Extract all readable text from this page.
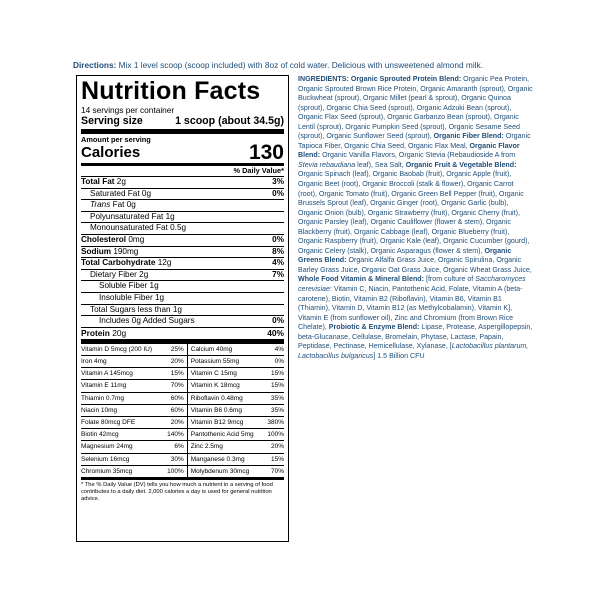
Directions: Mix 1 level scoop (scoop included) with 8oz of cold water. Delicious with unsweetened almond milk.
Nutrition Facts
14 servings per container
Serving size	1 scoop (about 34.5g)
Amount per serving
Calories	130
% Daily Value*
Total Fat 2g	3%
Saturated Fat 0g	0%
Trans Fat 0g
Polyunsaturated Fat 1g
Monounsaturated Fat 0.5g
Cholesterol 0mg	0%
Sodium 190mg	8%
Total Carbohydrate 12g	4%
Dietary Fiber 2g	7%
Soluble Fiber 1g
Insoluble Fiber 1g
Total Sugars less than 1g
Includes 0g Added Sugars	0%
Protein 20g	40%
Vitamin D 5mcg (200 IU)	25%	Calcium 40mg	4%
Iron 4mg	20%	Potassium 55mg	0%
Vitamin A 145mcg	15%	Vitamin C 15mg	15%
Vitamin E 11mg	70%	Vitamin K 18mcg	15%
Thiamin 0.7mg	60%	Riboflavin 0.48mg	35%
Niacin 10mg	60%	Vitamin B6 0.6mg	35%
Folate 80mcg DFE	20%	Vitamin B12 9mcg	380%
Biotin 42mcg	140%	Pantothenic Acid 5mg	100%
Magnesium 24mg	6%	Zinc 2.5mg	20%
Selenium 16mcg	30%	Manganese 0.3mg	15%
Chromium 35mcg	100%	Molybdenum 30mcg	70%
* The % Daily Value (DV) tells you how much a nutrient in a serving of food contributes to a daily diet. 2,000 calories a day is used for general nutrition advice.
INGREDIENTS: Organic Sprouted Protein Blend: Organic Pea Protein, Organic Sprouted Brown Rice Protein, Organic Amaranth (sprout), Organic Buckwheat (sprout), Organic Millet (pearl & sprout), Organic Quinoa (sprout), Organic Chia Seed (sprout), Organic Adzuki Bean (sprout), Organic Flax Seed (sprout), Organic Garbanzo Bean (sprout), Organic Lentil (sprout), Organic Pumpkin Seed (sprout), Organic Sesame Seed (sprout), Organic Sunflower Seed (sprout), Organic Fiber Blend: Organic Tapioca Fiber, Organic Chia Seed, Organic Flax Meal, Organic Flavor Blend: Organic Vanilla Flavors, Organic Stevia (Rebaudioside A from Stevia rebaudiana leaf), Sea Salt, Organic Fruit & Vegetable Blend: Organic Spinach (leaf), Organic Baobab (fruit), Organic Apple (fruit), Organic Beet (root), Organic Broccoli (stalk & flower), Organic Carrot (root), Organic Tomato (fruit), Organic Green Bell Pepper (fruit), Organic Brussels Sprout (leaf), Organic Ginger (root), Organic Garlic (bulb), Organic Onion (bulb), Organic Strawberry (fruit), Organic Cherry (fruit), Organic Parsley (leaf), Organic Cauliflower (flower & stem), Organic Blackberry (fruit), Organic Cabbage (leaf), Organic Blueberry (fruit), Organic Raspberry (fruit), Organic Kale (leaf), Organic Cucumber (gourd), Organic Celery (stalk), Organic Asparagus (flower & stem), Organic Greens Blend: Organic Alfalfa Grass Juice, Organic Spirulina, Organic Barley Grass Juice, Organic Oat Grass Juice, Organic Wheat Grass Juice, Whole Food Vitamin & Mineral Blend: [from culture of Saccharomyces cerevisiae: Vitamin C, Niacin, Pantothenic Acid, Folate, Vitamin A (beta-carotene), Biotin, Vitamin B2 (Riboflavin), Vitamin B6, Vitamin B1 (Thiamin), Vitamin D, Vitamin B12 (as Methylcobalamin), Vitamin K], Vitamin E (from sunflower oil), Zinc and Chromium (from Brown Rice Chelate), Probiotic & Enzyme Blend: Lipase, Protease, Aspergillopepsin, beta-Glucanase, Cellulase, Bromelain, Phytase, Lactase, Papain, Peptidase, Pectinase, Hemicellulase, Xylanase, [Lactobacillus plantarum, Lactobacillus bulgaricus] 1.5 Billion CFU
